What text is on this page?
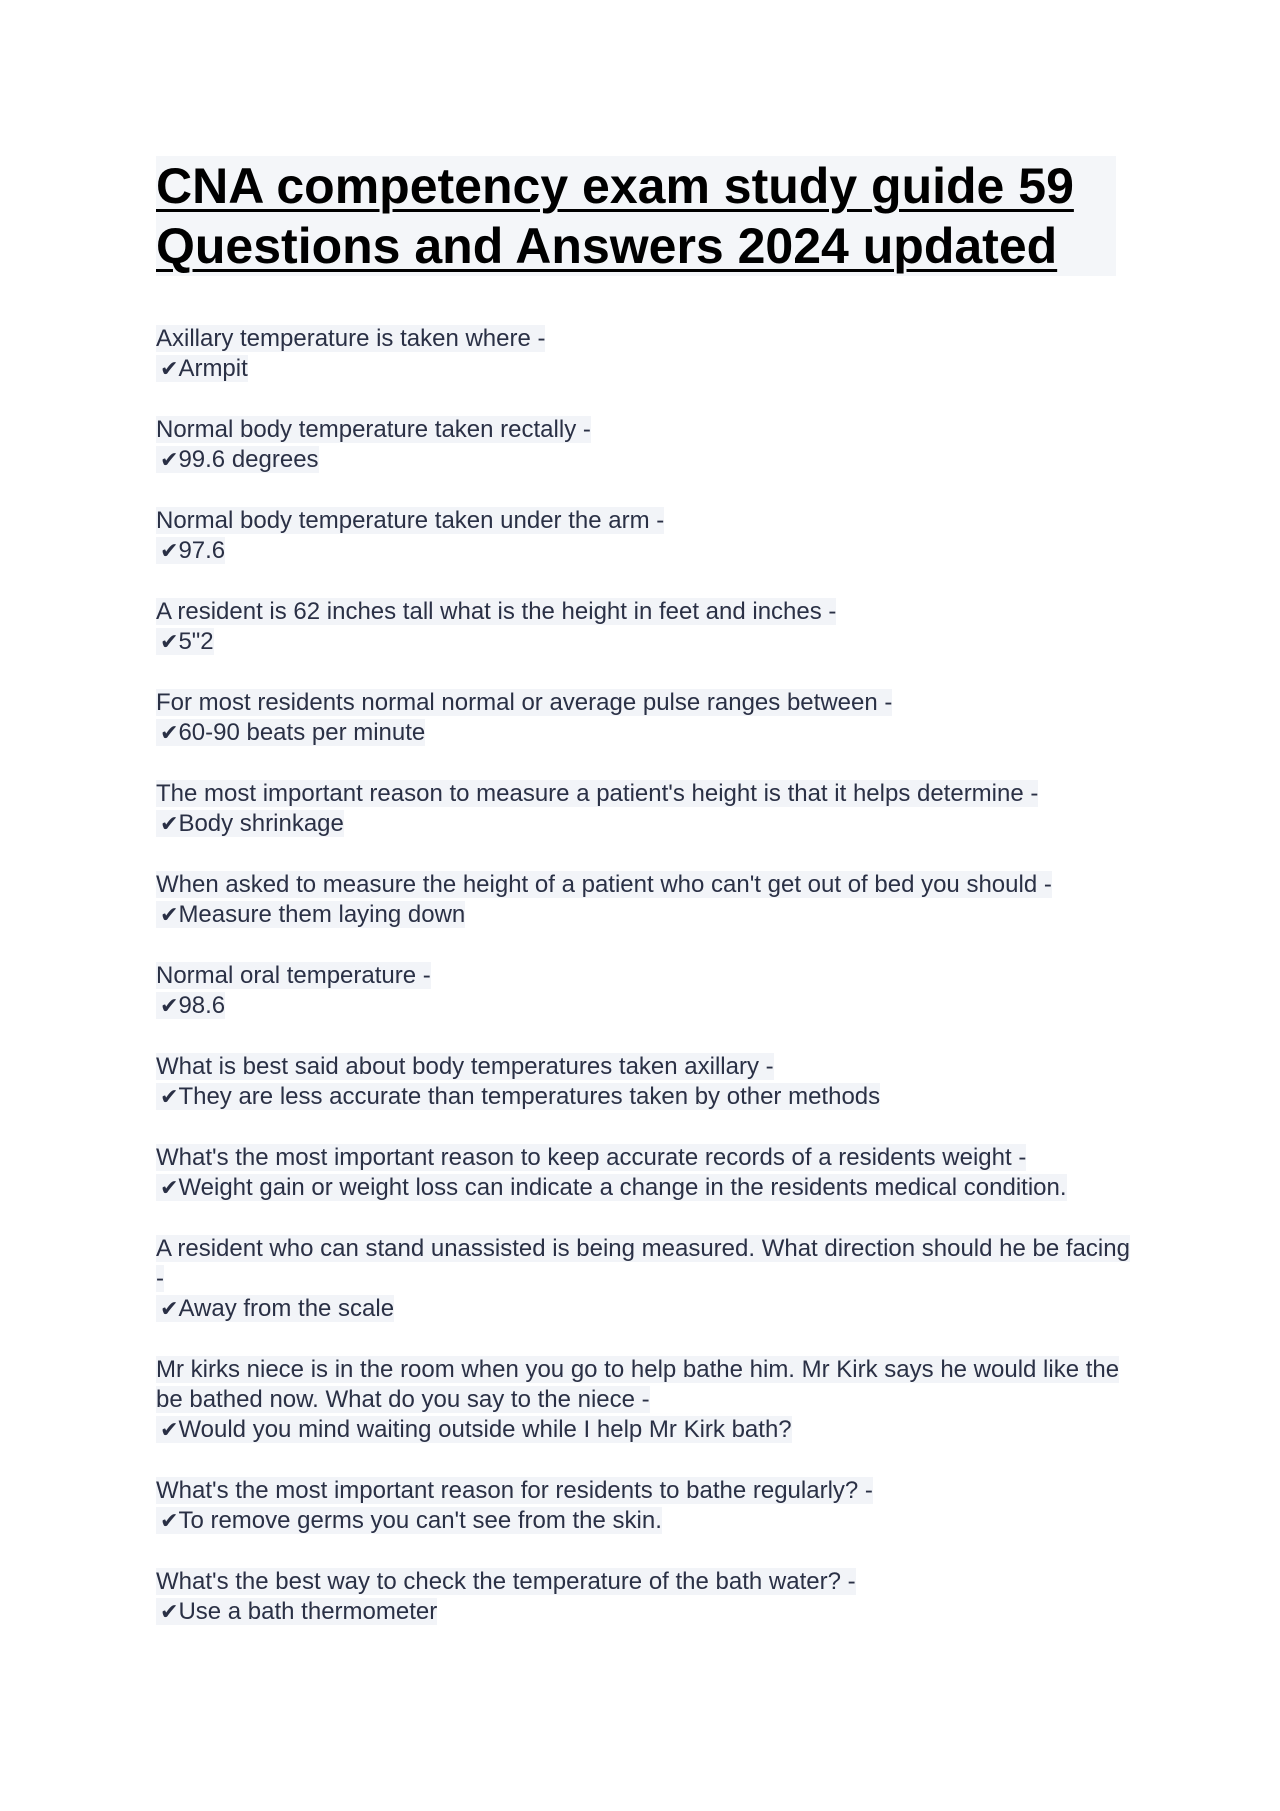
CNA competency exam study guide 59
Questions and Answers 2024 updated
Axillary temperature is taken where -
✔Armpit
Normal body temperature taken rectally -
✔99.6 degrees
Normal body temperature taken under the arm -
✔97.6
A resident is 62 inches tall what is the height in feet and inches -
✔5"2
For most residents normal normal or average pulse ranges between -
✔60-90 beats per minute
The most important reason to measure a patient's height is that it helps determine -
✔Body shrinkage
When asked to measure the height of a patient who can't get out of bed you should -
✔Measure them laying down
Normal oral temperature -
✔98.6
What is best said about body temperatures taken axillary -
✔They are less accurate than temperatures taken by other methods
What's the most important reason to keep accurate records of a residents weight -
✔Weight gain or weight loss can indicate a change in the residents medical condition.
A resident who can stand unassisted is being measured. What direction should he be facing -
✔Away from the scale
Mr kirks niece is in the room when you go to help bathe him. Mr Kirk says he would like the be bathed now. What do you say to the niece -
✔Would you mind waiting outside while I help Mr Kirk bath?
What's the most important reason for residents to bathe regularly? -
✔To remove germs you can't see from the skin.
What's the best way to check the temperature of the bath water? -
✔Use a bath thermometer
